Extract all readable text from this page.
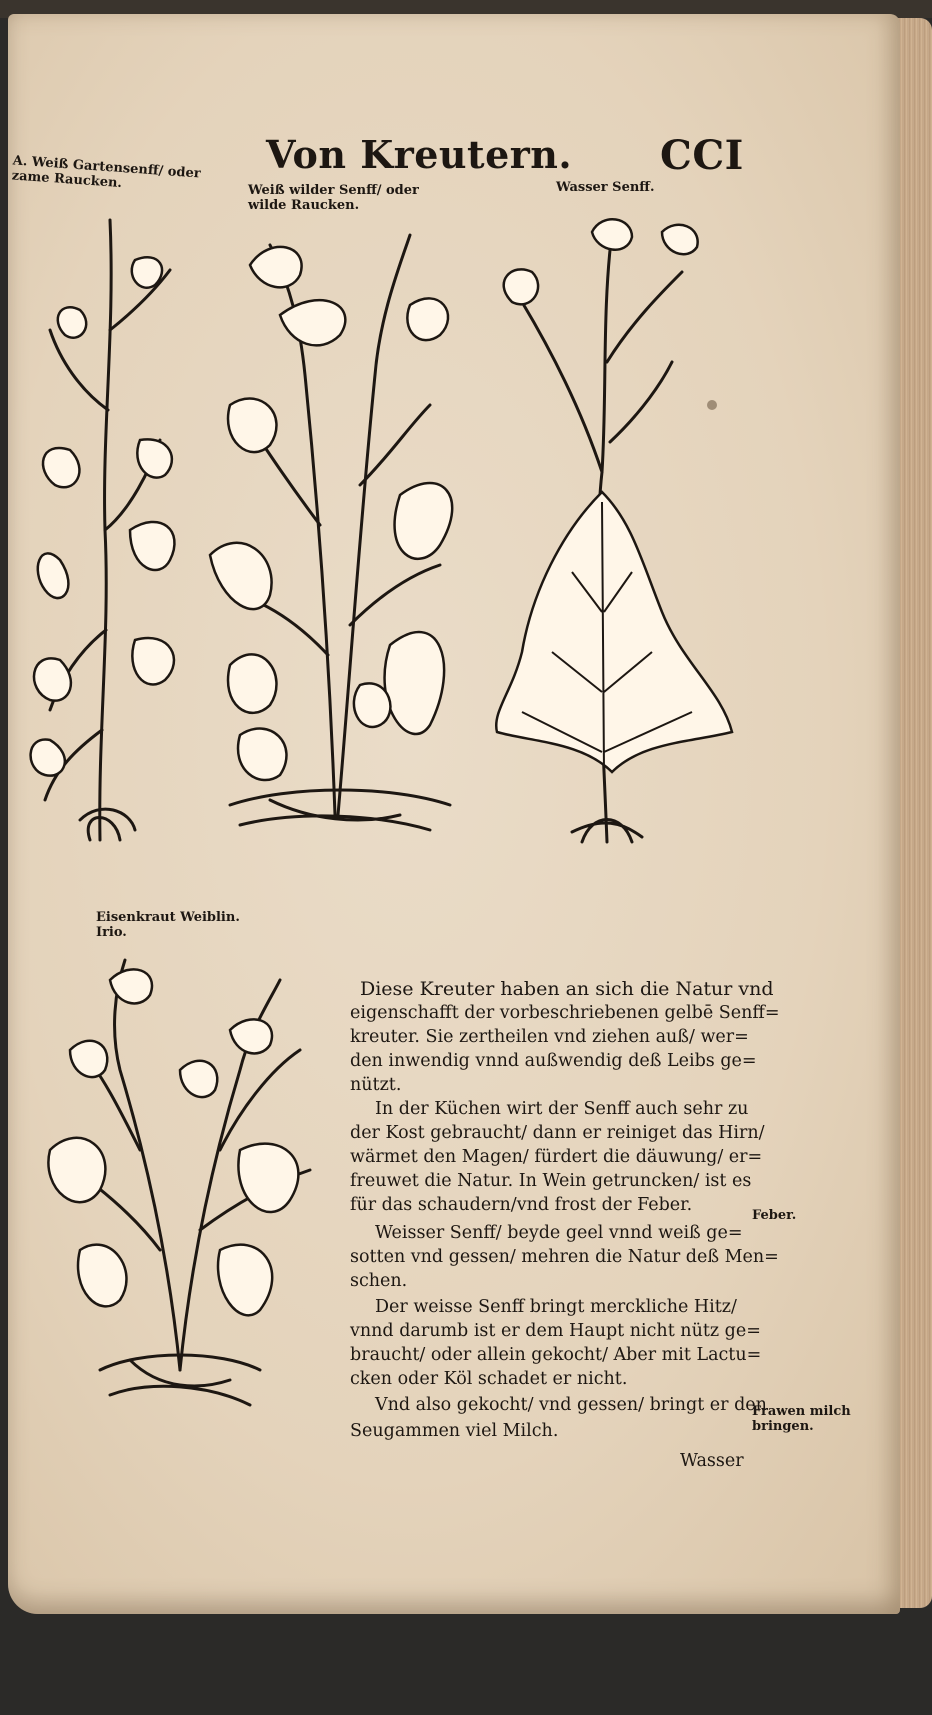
Von Kreutern. CCI
A. Weiß Gartensenff/ oder zame Raucken.	Weiß wilder Senff/ oder wilde Raucken.
Wasser Senff.
Eisenkraut Weiblin. Irio.
Diese Kreuter haben an sich die Natur vnd
eigenschafft der vorbeschriebenen gelbē Senff=
kreuter. Sie zertheilen vnd ziehen auß/ wer=
den inwendig vnnd außwendig deß Leibs ge=
nützt.
In der Küchen wirt der Senff auch sehr zu
der Kost gebraucht/ dann er reiniget das Hirn/
wärmet den Magen/ fürdert die däuwung/ er=
freuwet die Natur. In Wein getruncken/ ist es
für das schaudern/vnd frost der Feber.
Weisser Senff/ beyde geel vnnd weiß ge=
sotten vnd gessen/ mehren die Natur deß Men=
schen.
Der weisse Senff bringt merckliche Hitz/
vnnd darumb ist er dem Haupt nicht nütz ge=
braucht/ oder allein gekocht/ Aber mit Lactu=
cken oder Köl schadet er nicht.
Vnd also gekocht/ vnd gessen/ bringt er den
Seugammen viel Milch.
Feber.
Frawen milch bringen.
Wasser
